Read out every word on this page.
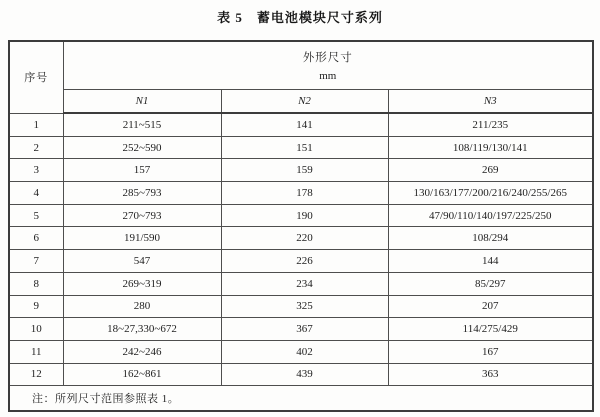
表 5　蓄电池模块尺寸系列
序号	外形尺寸
mm		

	N1	N2	N3
1	211~515	141	211/235
2	252~590	151	108/119/130/141
3	157	159	269
4	285~793	178	130/163/177/200/216/240/255/265
5	270~793	190	47/90/110/140/197/225/250
6	191/590	220	108/294
7	547	226	144
8	269~319	234	85/297
9	280	325	207
10	18~27,330~672	367	114/275/429
11	242~246	402	167
12	162~861	439	363
注：所列尺寸范围参照表 1。			
